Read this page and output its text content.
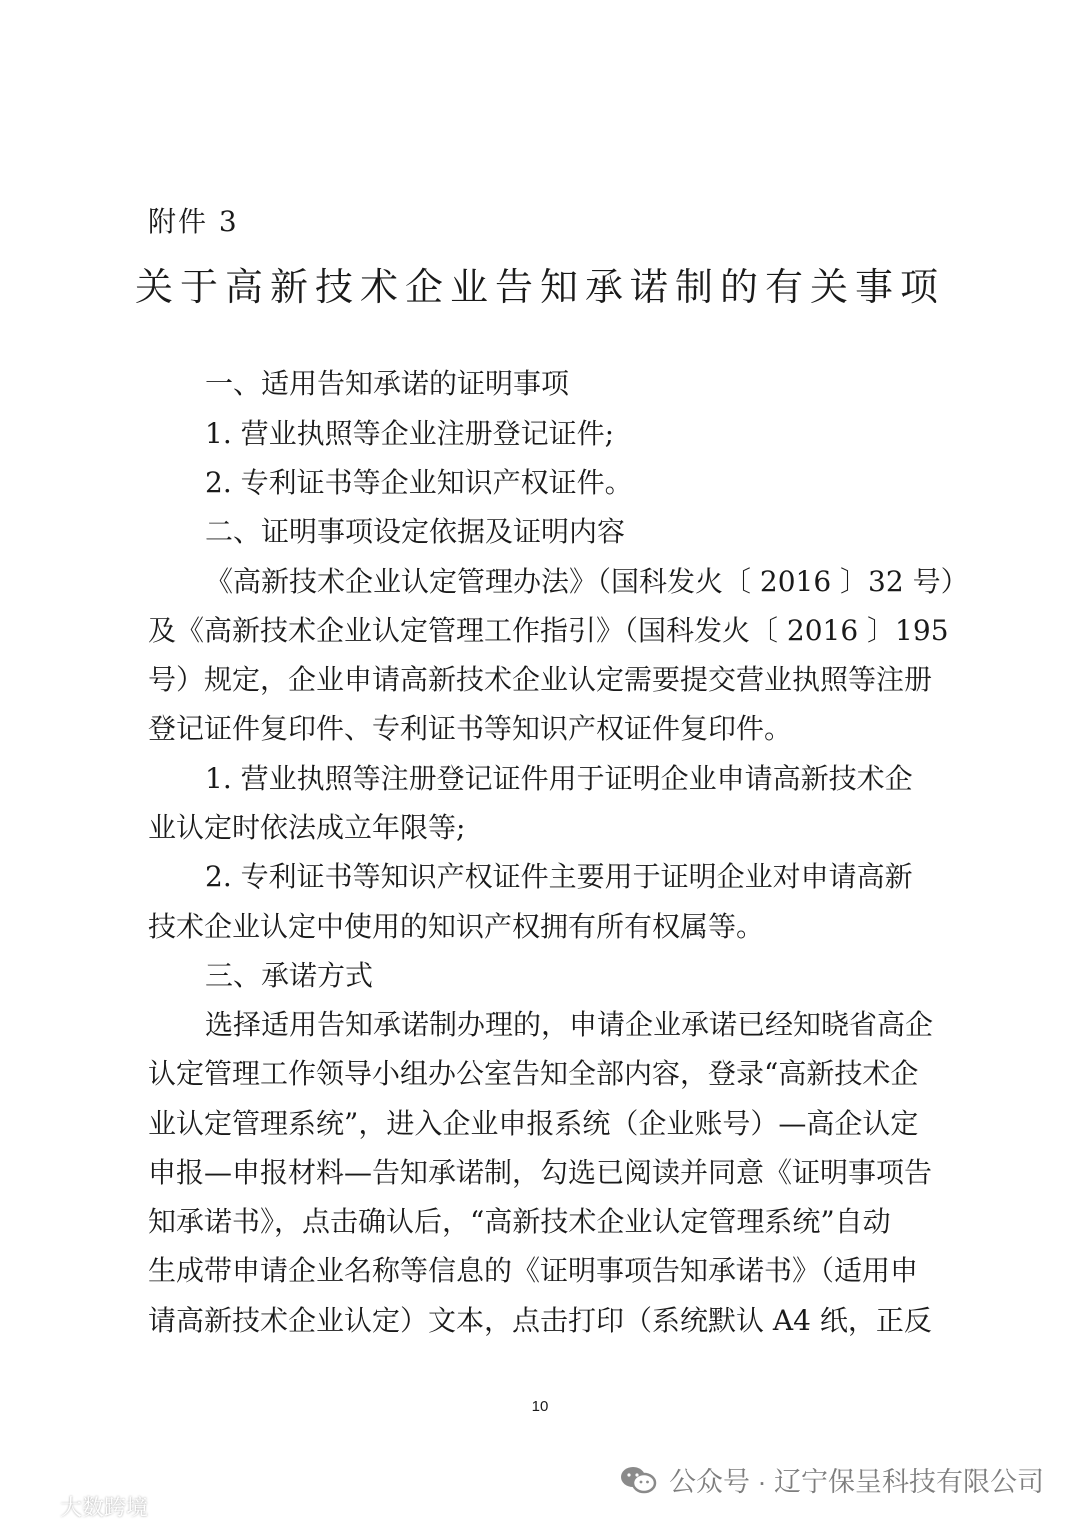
附件 3
关于高新技术企业告知承诺制的有关事项
一、适用告知承诺的证明事项
1. 营业执照等企业注册登记证件;
2. 专利证书等企业知识产权证件。
二、证明事项设定依据及证明内容
《高新技术企业认定管理办法》（国科发火〔 2016 〕32 号）
及《高新技术企业认定管理工作指引》（国科发火〔 2016 〕195
号）规定，企业申请高新技术企业认定需要提交营业执照等注册
登记证件复印件、专利证书等知识产权证件复印件。
1. 营业执照等注册登记证件用于证明企业申请高新技术企
业认定时依法成立年限等;
2. 专利证书等知识产权证件主要用于证明企业对申请高新
技术企业认定中使用的知识产权拥有所有权属等。
三、承诺方式
选择适用告知承诺制办理的，申请企业承诺已经知晓省高企
认定管理工作领导小组办公室告知全部内容，登录“高新技术企
业认定管理系统”，进入企业申报系统（企业账号）—高企认定
申报—申报材料—告知承诺制，勾选已阅读并同意《证明事项告
知承诺书》，点击确认后，“高新技术企业认定管理系统”自动
生成带申请企业名称等信息的《证明事项告知承诺书》（适用申
请高新技术企业认定）文本，点击打印（系统默认 A4 纸，正反
10
公众号 · 辽宁保呈科技有限公司
大数跨境
